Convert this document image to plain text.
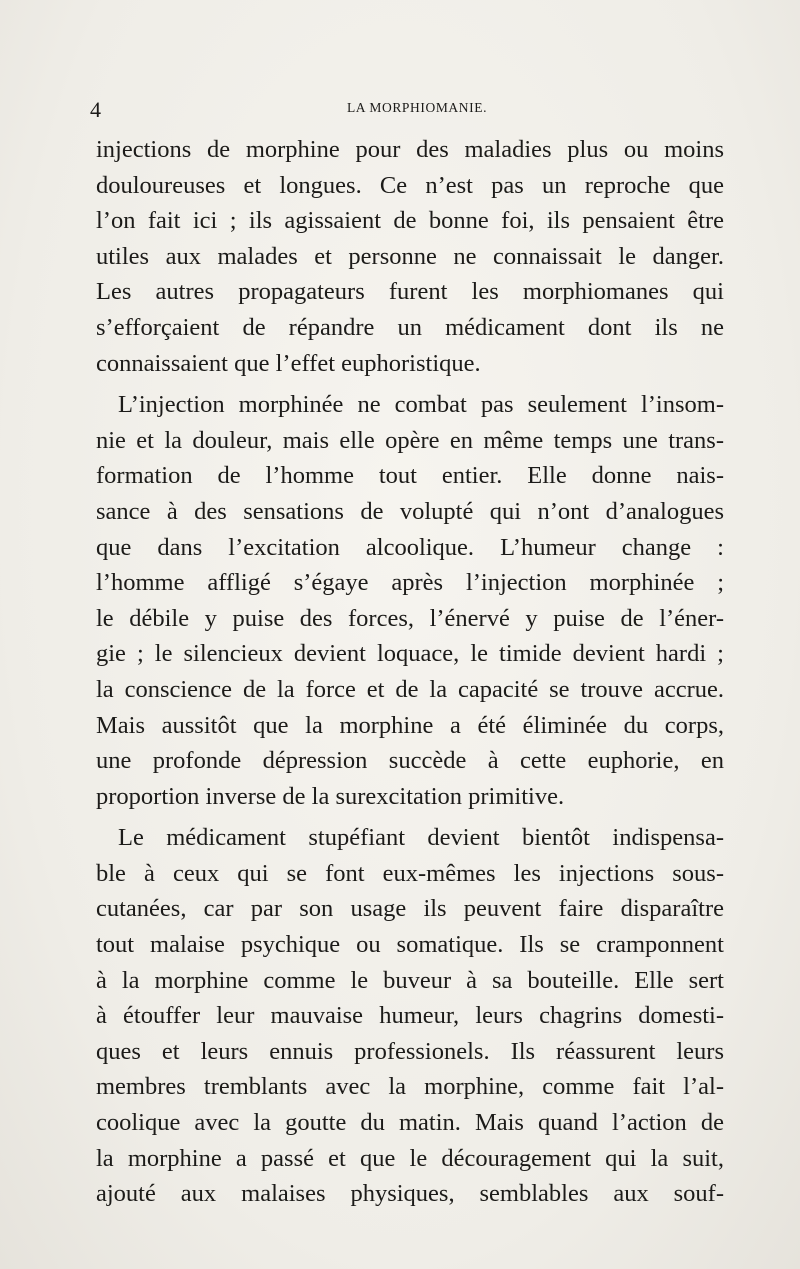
4	LA MORPHIOMANIE.
injections de morphine pour des maladies plus ou moins
douloureuses et longues. Ce n’est pas un reproche que
l’on fait ici ; ils agissaient de bonne foi, ils pensaient être
utiles aux malades et personne ne connaissait le danger.
Les autres propagateurs furent les morphiomanes qui
s’efforçaient de répandre un médicament dont ils ne
connaissaient que l’effet euphoristique.
L’injection morphinée ne combat pas seulement l’insom-
nie et la douleur, mais elle opère en même temps une trans-
formation de l’homme tout entier. Elle donne nais-
sance à des sensations de volupté qui n’ont d’analogues
que dans l’excitation alcoolique. L’humeur change :
l’homme affligé s’égaye après l’injection morphinée ;
le débile y puise des forces, l’énervé y puise de l’éner-
gie ; le silencieux devient loquace, le timide devient hardi ;
la conscience de la force et de la capacité se trouve accrue.
Mais aussitôt que la morphine a été éliminée du corps,
une profonde dépression succède à cette euphorie, en
proportion inverse de la surexcitation primitive.
Le médicament stupéfiant devient bientôt indispensa-
ble à ceux qui se font eux-mêmes les injections sous-
cutanées, car par son usage ils peuvent faire disparaître
tout malaise psychique ou somatique. Ils se cramponnent
à la morphine comme le buveur à sa bouteille. Elle sert
à étouffer leur mauvaise humeur, leurs chagrins domesti-
ques et leurs ennuis professionels. Ils réassurent leurs
membres tremblants avec la morphine, comme fait l’al-
coolique avec la goutte du matin. Mais quand l’action de
la morphine a passé et que le découragement qui la suit,
ajouté aux malaises physiques, semblables aux souf-
